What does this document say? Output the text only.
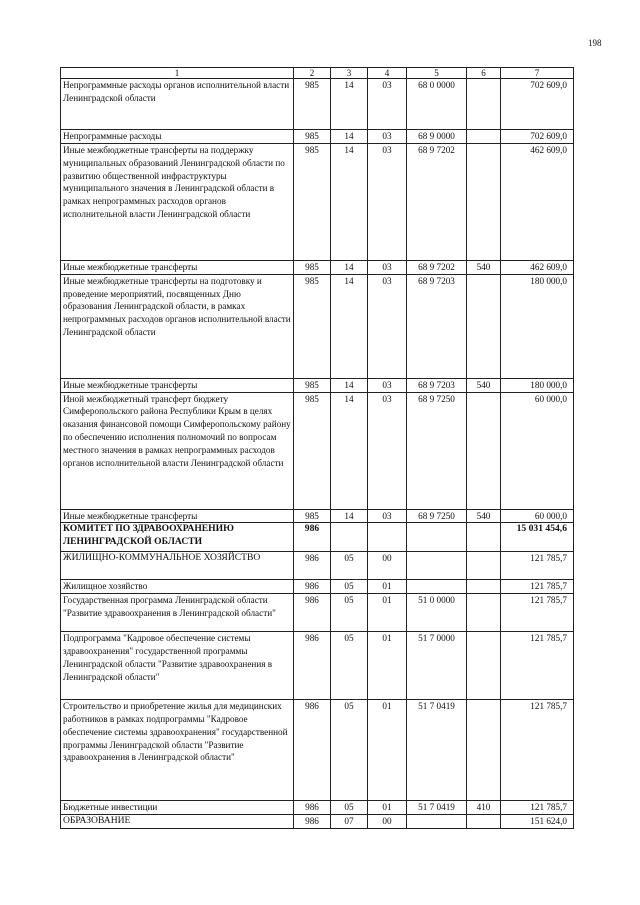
198
1	2	3	4	5	6	7
Непрограммные расходы органов исполнительной власти Ленинградской области	985	14	03	68 0 0000		702 609,0
Непрограммные расходы	985	14	03	68 9 0000		702 609,0
Иные межбюджетные трансферты на поддержку муниципальных образований Ленинградской области по развитию общественной инфраструктуры муниципального значения в Ленинградской области в рамках непрограммных расходов органов исполнительной власти Ленинградской области	985	14	03	68 9 7202		462 609,0
Иные межбюджетные трансферты	985	14	03	68 9 7202	540	462 609,0
Иные межбюджетные трансферты на подготовку и проведение мероприятий, посвященных Дню образования Ленинградской области, в рамках непрограммных расходов органов исполнительной власти Ленинградской области	985	14	03	68 9 7203		180 000,0
Иные межбюджетные трансферты	985	14	03	68 9 7203	540	180 000,0
Иной межбюджетный трансферт бюджету Симферопольского района Республики Крым в целях оказания финансовой помощи Симферопольскому району по обеспечению исполнения полномочий по вопросам местного значения в рамках непрограммных расходов органов исполнительной власти Ленинградской области	985	14	03	68 9 7250		60 000,0
Иные межбюджетные трансферты	985	14	03	68 9 7250	540	60 000,0
КОМИТЕТ ПО ЗДРАВООХРАНЕНИЮ ЛЕНИНГРАДСКОЙ ОБЛАСТИ	986					15 031 454,6
ЖИЛИЩНО-КОММУНАЛЬНОЕ ХОЗЯЙСТВО	986	05	00			121 785,7
Жилищное хозяйство	986	05	01			121 785,7
Государственная программа Ленинградской области "Развитие здравоохранения в Ленинградской области"	986	05	01	51 0 0000		121 785,7
Подпрограмма "Кадровое обеспечение системы здравоохранения" государственной программы Ленинградской области "Развитие здравоохранения в Ленинградской области"	986	05	01	51 7 0000		121 785,7
Строительство и приобретение жилья для медицинских работников в рамках подпрограммы "Кадровое обеспечение системы здравоохранения" государственной программы Ленинградской области "Развитие здравоохранения в Ленинградской области"	986	05	01	51 7 0419		121 785,7
Бюджетные инвестиции	986	05	01	51 7 0419	410	121 785,7
ОБРАЗОВАНИЕ	986	07	00			151 624,0
